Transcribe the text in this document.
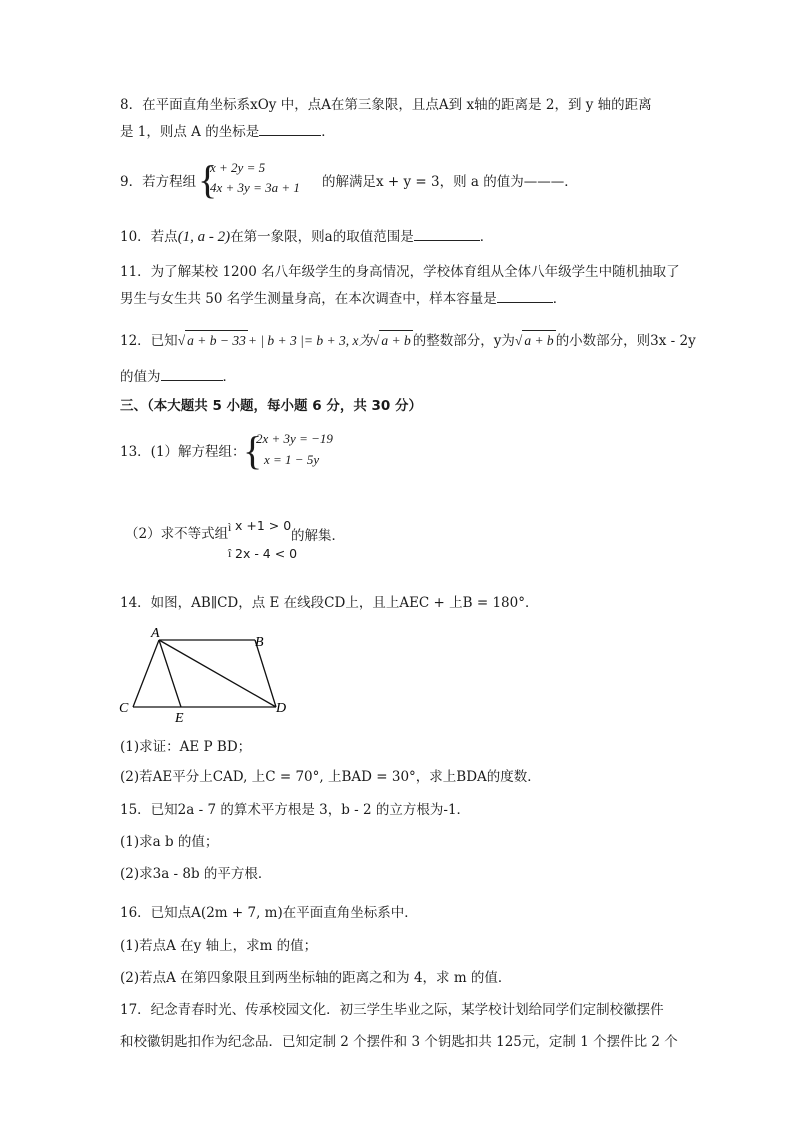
8．在平面直角坐标系xOy 中，点A在第三象限，且点A到 x轴的距离是 2，到 y 轴的距离
是 1，则点 A 的坐标是	．
9．若方程组 {
x + 2y = 5
4x + 3y = 3a + 1 的解满足x + y = 3，则 a 的值为———．
10．若点(1, a - 2)在第一象限，则a的取值范围是	．
11．为了解某校 1200 名八年级学生的身高情况，学校体育组从全体八年级学生中随机抽取了
男生与女生共 50 名学生测量身高，在本次调查中，样本容量是	．
12．已知√ a + b − 33 + | b + 3 |= b + 3, x为√ a + b 的整数部分，y为√ a + b 的小数部分，则3x - 2y
的值为	．
三、（本大题共 5 小题，每小题 6 分，共 30 分）
13．(1）解方程组：
{
2x + 3y = −19
x = 1 − 5y
（2）求不等式组 ì
î
x +1 > 0
2x - 4 < 0
的解集．
14．如图，AB∥CD，点 E 在线段CD上，且上AEC + 上B = 180°．
A
B
C	D
E
(1)求证：AE P BD；
(2)若AE平分上CAD, 上C = 70°, 上BAD = 30°，求上BDA的度数．
15．已知2a - 7 的算术平方根是 3，b - 2 的立方根为-1．
(1)求a b 的值；
(2)求3a - 8b 的平方根．
16．已知点A(2m + 7, m)在平面直角坐标系中．
(1)若点A 在y 轴上，求m 的值；
(2)若点A 在第四象限且到两坐标轴的距离之和为 4，求 m 的值．
17．纪念青春时光、传承校园文化．初三学生毕业之际，某学校计划给同学们定制校徽摆件
和校徽钥匙扣作为纪念品．已知定制 2 个摆件和 3 个钥匙扣共 125元，定制 1 个摆件比 2 个
